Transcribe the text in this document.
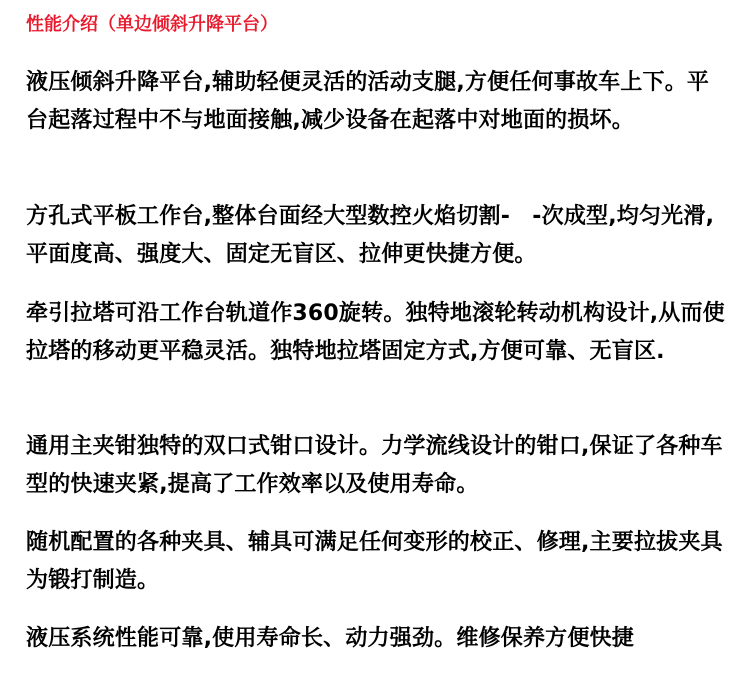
性能介绍（单边倾斜升降平台）

液压倾斜升降平台,辅助轻便灵活的活动支腿,方便任何事故车上下。平台起落过程中不与地面接触,减少设备在起落中对地面的损坏。

方孔式平板工作台,整体台面经大型数控火焰切割-　-次成型,均匀光滑,平面度高、强度大、固定无盲区、拉伸更快捷方便。

牵引拉塔可沿工作台轨道作360旋转。独特地滚轮转动机构设计,从而使拉塔的移动更平稳灵活。独特地拉塔固定方式,方便可靠、无盲区.

通用主夹钳独特的双口式钳口设计。力学流线设计的钳口,保证了各种车型的快速夹紧,提高了工作效率以及使用寿命。

随机配置的各种夹具、辅具可满足任何变形的校正、修理,主要拉拔夹具为锻打制造。

液压系统性能可靠,使用寿命长、动力强劲。维修保养方便快捷
